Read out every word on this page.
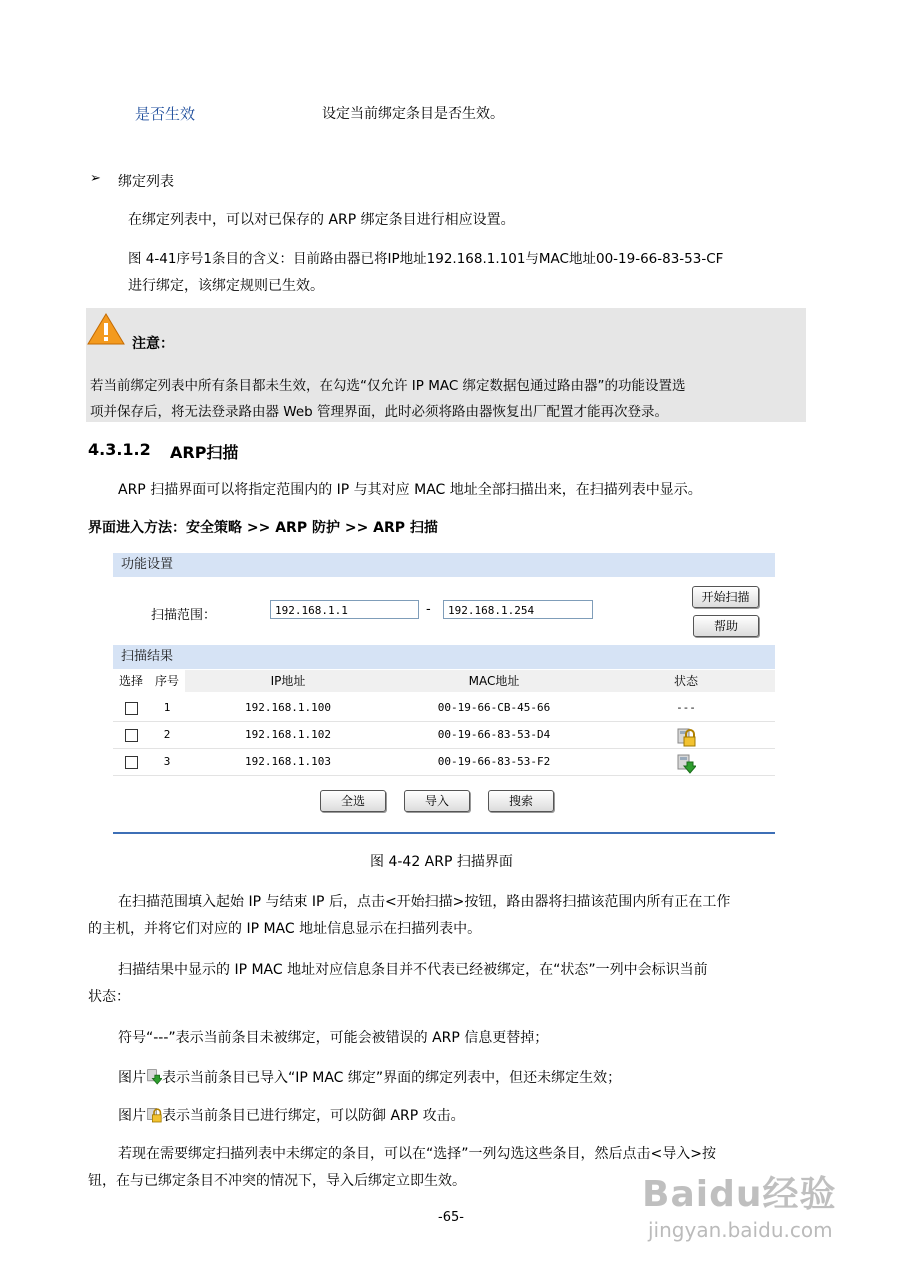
是否生效	设定当前绑定条目是否生效。
➢ 绑定列表
在绑定列表中，可以对已保存的 ARP 绑定条目进行相应设置。
图 4-41序号1条目的含义：目前路由器已将IP地址192.168.1.101与MAC地址00-19-66-83-53-CF
进行绑定，该绑定规则已生效。
注意：
若当前绑定列表中所有条目都未生效，在勾选“仅允许 IP MAC 绑定数据包通过路由器”的功能设置选
项并保存后，将无法登录路由器 Web 管理界面，此时必须将路由器恢复出厂配置才能再次登录。
4.3.1.2 ARP扫描
ARP 扫描界面可以将指定范围内的 IP 与其对应 MAC 地址全部扫描出来，在扫描列表中显示。
界面进入方法：安全策略 >> ARP 防护 >> ARP 扫描
功能设置
扫描范围：	192.168.1.1	-	192.168.1.254
开始扫描
帮助
扫描结果
选择 序号	IP地址	MAC地址	状态
1	192.168.1.100	00-19-66-CB-45-66	---
2	192.168.1.102	00-19-66-83-53-D4
3	192.168.1.103	00-19-66-83-53-F2
全选	导入	搜索
图 4-42 ARP 扫描界面
在扫描范围填入起始 IP 与结束 IP 后，点击<开始扫描>按钮，路由器将扫描该范围内所有正在工作
的主机，并将它们对应的 IP MAC 地址信息显示在扫描列表中。
扫描结果中显示的 IP MAC 地址对应信息条目并不代表已经被绑定，在“状态”一列中会标识当前
状态：
符号“---”表示当前条目未被绑定，可能会被错误的 ARP 信息更替掉；
图片 表示当前条目已导入“IP MAC 绑定”界面的绑定列表中，但还未绑定生效；
图片 表示当前条目已进行绑定，可以防御 ARP 攻击。
若现在需要绑定扫描列表中未绑定的条目，可以在“选择”一列勾选这些条目，然后点击<导入>按
钮，在与已绑定条目不冲突的情况下，导入后绑定立即生效。
-65-
Baidu经验
jingyan.baidu.com
